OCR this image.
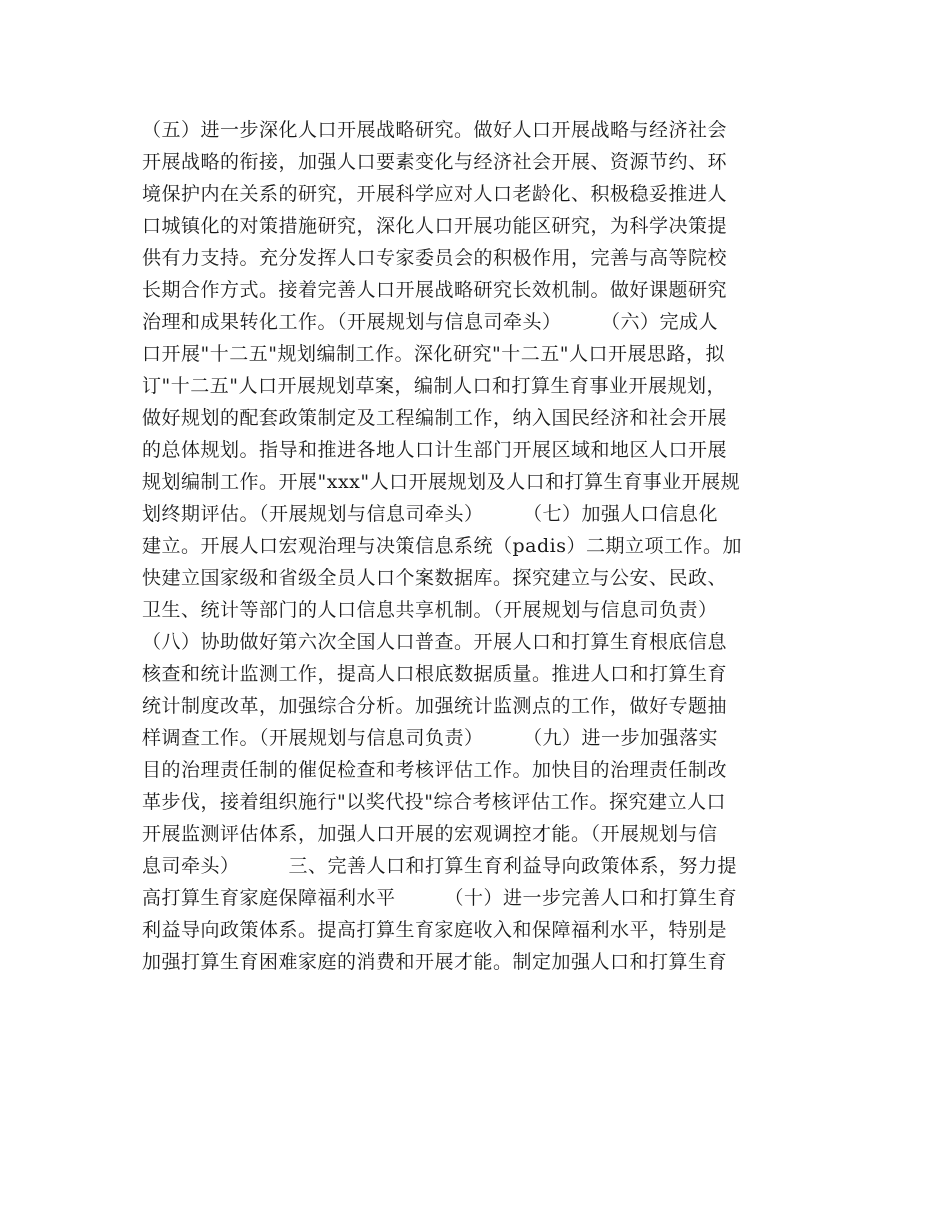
（五）进一步深化人口开展战略研究。做好人口开展战略与经济社会
开展战略的衔接，加强人口要素变化与经济社会开展、资源节约、环
境保护内在关系的研究，开展科学应对人口老龄化、积极稳妥推进人
口城镇化的对策措施研究，深化人口开展功能区研究，为科学决策提
供有力支持。充分发挥人口专家委员会的积极作用，完善与高等院校
长期合作方式。接着完善人口开展战略研究长效机制。做好课题研究
治理和成果转化工作。（开展规划与信息司牵头）　　　（六）完成人
口开展"十二五"规划编制工作。深化研究"十二五"人口开展思路，拟
订"十二五"人口开展规划草案，编制人口和打算生育事业开展规划，
做好规划的配套政策制定及工程编制工作，纳入国民经济和社会开展
的总体规划。指导和推进各地人口计生部门开展区域和地区人口开展
规划编制工作。开展"xxx"人口开展规划及人口和打算生育事业开展规
划终期评估。（开展规划与信息司牵头）　　　（七）加强人口信息化
建立。开展人口宏观治理与决策信息系统（padis）二期立项工作。加
快建立国家级和省级全员人口个案数据库。探究建立与公安、民政、
卫生、统计等部门的人口信息共享机制。（开展规划与信息司负责）
（八）协助做好第六次全国人口普查。开展人口和打算生育根底信息
核查和统计监测工作，提高人口根底数据质量。推进人口和打算生育
统计制度改革，加强综合分析。加强统计监测点的工作，做好专题抽
样调查工作。（开展规划与信息司负责）　　　（九）进一步加强落实
目的治理责任制的催促检查和考核评估工作。加快目的治理责任制改
革步伐，接着组织施行"以奖代投"综合考核评估工作。探究建立人口
开展监测评估体系，加强人口开展的宏观调控才能。（开展规划与信
息司牵头）　　　三、完善人口和打算生育利益导向政策体系，努力提
高打算生育家庭保障福利水平　　　（十）进一步完善人口和打算生育
利益导向政策体系。提高打算生育家庭收入和保障福利水平，特别是
加强打算生育困难家庭的消费和开展才能。制定加强人口和打算生育
